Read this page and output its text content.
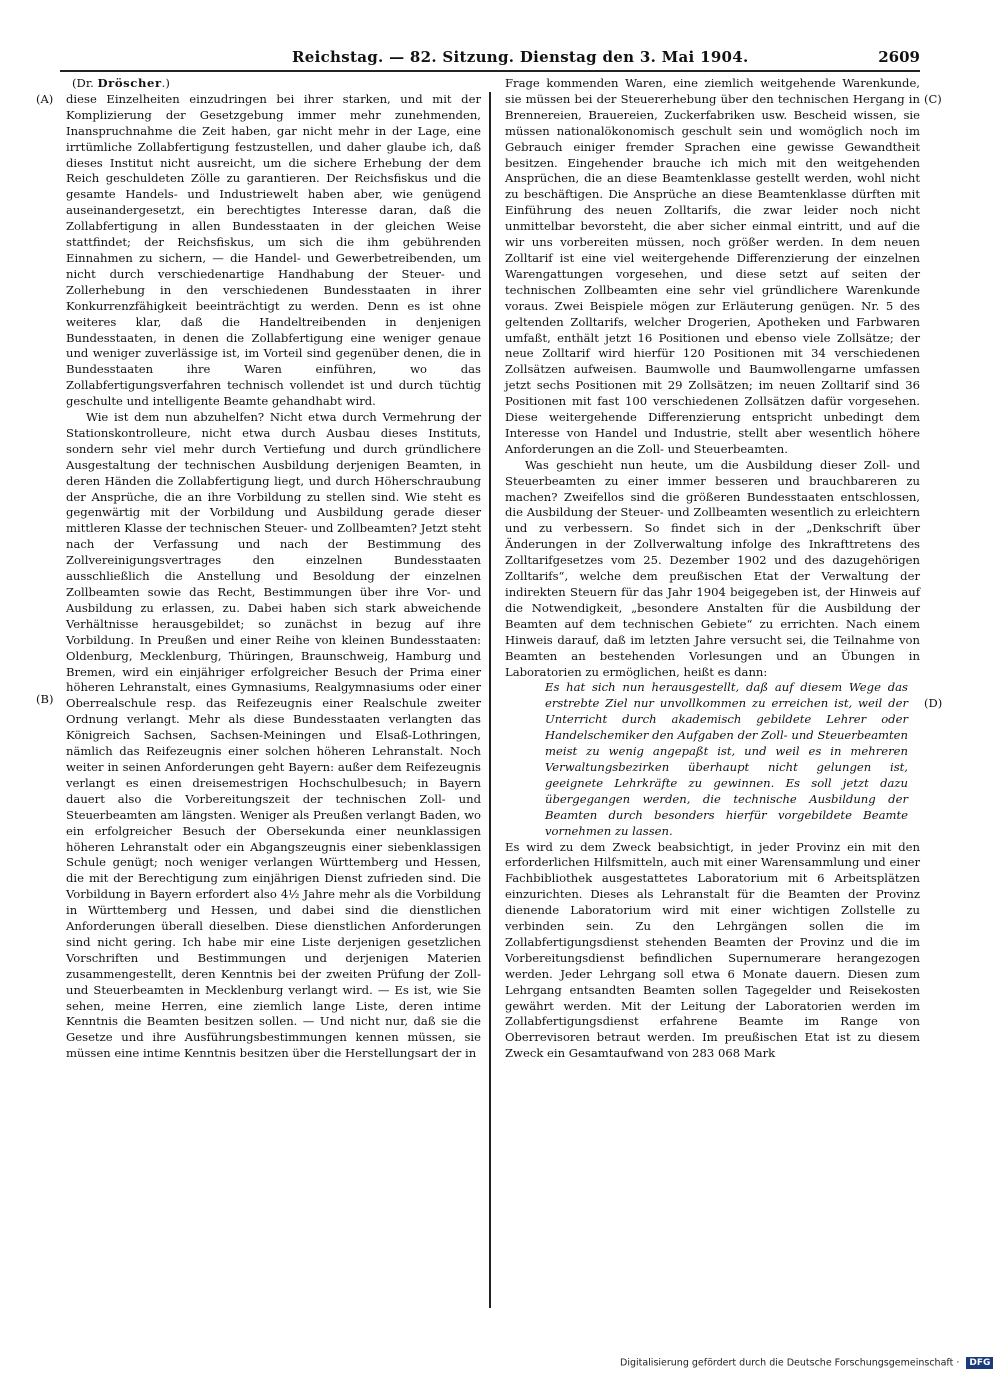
Reichstag. — 82. Sitzung. Dienstag den 3. Mai 1904.	2609
(A)
(B)
(C)
(D)
(Dr. Dröscher.)

diese Einzelheiten einzudringen bei ihrer starken, und mit der Komplizierung der Gesetzgebung immer mehr zunehmenden, Inanspruchnahme die Zeit haben, gar nicht mehr in der Lage, eine irrtümliche Zollabfertigung festzustellen, und daher glaube ich, daß dieses Institut nicht ausreicht, um die sichere Erhebung der dem Reich geschuldeten Zölle zu garantieren. Der Reichsfiskus und die gesamte Handels- und Industriewelt haben aber, wie genügend auseinandergesetzt, ein berechtigtes Interesse daran, daß die Zollabfertigung in allen Bundesstaaten in der gleichen Weise stattfindet; der Reichsfiskus, um sich die ihm gebührenden Einnahmen zu sichern, — die Handel- und Gewerbetreibenden, um nicht durch verschiedenartige Handhabung der Steuer- und Zollerhebung in den verschiedenen Bundesstaaten in ihrer Konkurrenzfähigkeit beeinträchtigt zu werden. Denn es ist ohne weiteres klar, daß die Handeltreibenden in denjenigen Bundesstaaten, in denen die Zollabfertigung eine weniger genaue und weniger zuverlässige ist, im Vorteil sind gegenüber denen, die in Bundesstaaten ihre Waren einführen, wo das Zollabfertigungsverfahren technisch vollendet ist und durch tüchtig geschulte und intelligente Beamte gehandhabt wird.

Wie ist dem nun abzuhelfen? Nicht etwa durch Vermehrung der Stationskontrolleure, nicht etwa durch Ausbau dieses Instituts, sondern sehr viel mehr durch Vertiefung und durch gründlichere Ausgestaltung der technischen Ausbildung derjenigen Beamten, in deren Händen die Zollabfertigung liegt, und durch Höherschraubung der Ansprüche, die an ihre Vorbildung zu stellen sind. Wie steht es gegenwärtig mit der Vorbildung und Ausbildung gerade dieser mittleren Klasse der technischen Steuer- und Zollbeamten? Jetzt steht nach der Verfassung und nach der Bestimmung des Zollvereinigungsvertrages den einzelnen Bundesstaaten ausschließlich die Anstellung und Besoldung der einzelnen Zollbeamten sowie das Recht, Bestimmungen über ihre Vor- und Ausbildung zu erlassen, zu. Dabei haben sich stark abweichende Verhältnisse herausgebildet; so zunächst in bezug auf ihre Vorbildung. In Preußen und einer Reihe von kleinen Bundesstaaten: Oldenburg, Mecklenburg, Thüringen, Braunschweig, Hamburg und Bremen, wird ein einjähriger erfolgreicher Besuch der Prima einer höheren Lehranstalt, eines Gymnasiums, Realgymnasiums oder einer Oberrealschule resp. das Reifezeugnis einer Realschule zweiter Ordnung verlangt. Mehr als diese Bundesstaaten verlangten das Königreich Sachsen, Sachsen-Meiningen und Elsaß-Lothringen, nämlich das Reifezeugnis einer solchen höheren Lehranstalt. Noch weiter in seinen Anforderungen geht Bayern: außer dem Reifezeugnis verlangt es einen dreisemestrigen Hochschulbesuch; in Bayern dauert also die Vorbereitungszeit der technischen Zoll- und Steuerbeamten am längsten. Weniger als Preußen verlangt Baden, wo ein erfolgreicher Besuch der Obersekunda einer neunklassigen höheren Lehranstalt oder ein Abgangszeugnis einer siebenklassigen Schule genügt; noch weniger verlangen Württemberg und Hessen, die mit der Berechtigung zum einjährigen Dienst zufrieden sind. Die Vorbildung in Bayern erfordert also 4½ Jahre mehr als die Vorbildung in Württemberg und Hessen, und dabei sind die dienstlichen Anforderungen überall dieselben. Diese dienstlichen Anforderungen sind nicht gering. Ich habe mir eine Liste derjenigen gesetzlichen Vorschriften und Bestimmungen und derjenigen Materien zusammengestellt, deren Kenntnis bei der zweiten Prüfung der Zoll- und Steuerbeamten in Mecklenburg verlangt wird. — Es ist, wie Sie sehen, meine Herren, eine ziemlich lange Liste, deren intime Kenntnis die Beamten besitzen sollen. — Und nicht nur, daß sie die Gesetze und ihre Ausführungsbestimmungen kennen müssen, sie müssen eine intime Kenntnis besitzen über die Herstellungsart der in

Frage kommenden Waren, eine ziemlich weitgehende Warenkunde, sie müssen bei der Steuererhebung über den technischen Hergang in Brennereien, Brauereien, Zuckerfabriken usw. Bescheid wissen, sie müssen nationalökonomisch geschult sein und womöglich noch im Gebrauch einiger fremder Sprachen eine gewisse Gewandtheit besitzen. Eingehender brauche ich mich mit den weitgehenden Ansprüchen, die an diese Beamtenklasse gestellt werden, wohl nicht zu beschäftigen. Die Ansprüche an diese Beamtenklasse dürften mit Einführung des neuen Zolltarifs, die zwar leider noch nicht unmittelbar bevorsteht, die aber sicher einmal eintritt, und auf die wir uns vorbereiten müssen, noch größer werden. In dem neuen Zolltarif ist eine viel weitergehende Differenzierung der einzelnen Warengattungen vorgesehen, und diese setzt auf seiten der technischen Zollbeamten eine sehr viel gründlichere Warenkunde voraus. Zwei Beispiele mögen zur Erläuterung genügen. Nr. 5 des geltenden Zolltarifs, welcher Drogerien, Apotheken und Farbwaren umfaßt, enthält jetzt 16 Positionen und ebenso viele Zollsätze; der neue Zolltarif wird hierfür 120 Positionen mit 34 verschiedenen Zollsätzen aufweisen. Baumwolle und Baumwollengarne umfassen jetzt sechs Positionen mit 29 Zollsätzen; im neuen Zolltarif sind 36 Positionen mit fast 100 verschiedenen Zollsätzen dafür vorgesehen. Diese weitergehende Differenzierung entspricht unbedingt dem Interesse von Handel und Industrie, stellt aber wesentlich höhere Anforderungen an die Zoll- und Steuerbeamten.

Was geschieht nun heute, um die Ausbildung dieser Zoll- und Steuerbeamten zu einer immer besseren und brauchbareren zu machen? Zweifellos sind die größeren Bundesstaaten entschlossen, die Ausbildung der Steuer- und Zollbeamten wesentlich zu erleichtern und zu verbessern. So findet sich in der „Denkschrift über Änderungen in der Zollverwaltung infolge des Inkrafttretens des Zolltarifgesetzes vom 25. Dezember 1902 und des dazugehörigen Zolltarifs“, welche dem preußischen Etat der Verwaltung der indirekten Steuern für das Jahr 1904 beigegeben ist, der Hinweis auf die Notwendigkeit, „besondere Anstalten für die Ausbildung der Beamten auf dem technischen Gebiete“ zu errichten. Nach einem Hinweis darauf, daß im letzten Jahre versucht sei, die Teilnahme von Beamten an bestehenden Vorlesungen und an Übungen in Laboratorien zu ermöglichen, heißt es dann:

Es hat sich nun herausgestellt, daß auf diesem Wege das erstrebte Ziel nur unvollkommen zu erreichen ist, weil der Unterricht durch akademisch gebildete Lehrer oder Handelschemiker den Aufgaben der Zoll- und Steuerbeamten meist zu wenig angepaßt ist, und weil es in mehreren Verwaltungsbezirken überhaupt nicht gelungen ist, geeignete Lehrkräfte zu gewinnen. Es soll jetzt dazu übergegangen werden, die technische Ausbildung der Beamten durch besonders hierfür vorgebildete Beamte vornehmen zu lassen.

Es wird zu dem Zweck beabsichtigt, in jeder Provinz ein mit den erforderlichen Hilfsmitteln, auch mit einer Warensammlung und einer Fachbibliothek ausgestattetes Laboratorium mit 6 Arbeitsplätzen einzurichten. Dieses als Lehranstalt für die Beamten der Provinz dienende Laboratorium wird mit einer wichtigen Zollstelle zu verbinden sein. Zu den Lehrgängen sollen die im Zollabfertigungsdienst stehenden Beamten der Provinz und die im Vorbereitungsdienst befindlichen Supernumerare herangezogen werden. Jeder Lehrgang soll etwa 6 Monate dauern. Diesen zum Lehrgang entsandten Beamten sollen Tagegelder und Reisekosten gewährt werden. Mit der Leitung der Laboratorien werden im Zollabfertigungsdienst erfahrene Beamte im Range von Oberrevisoren betraut werden. Im preußischen Etat ist zu diesem Zweck ein Gesamtaufwand von 283 068 Mark

Digitalisierung gefördert durch die Deutsche Forschungsgemeinschaft · DFG
